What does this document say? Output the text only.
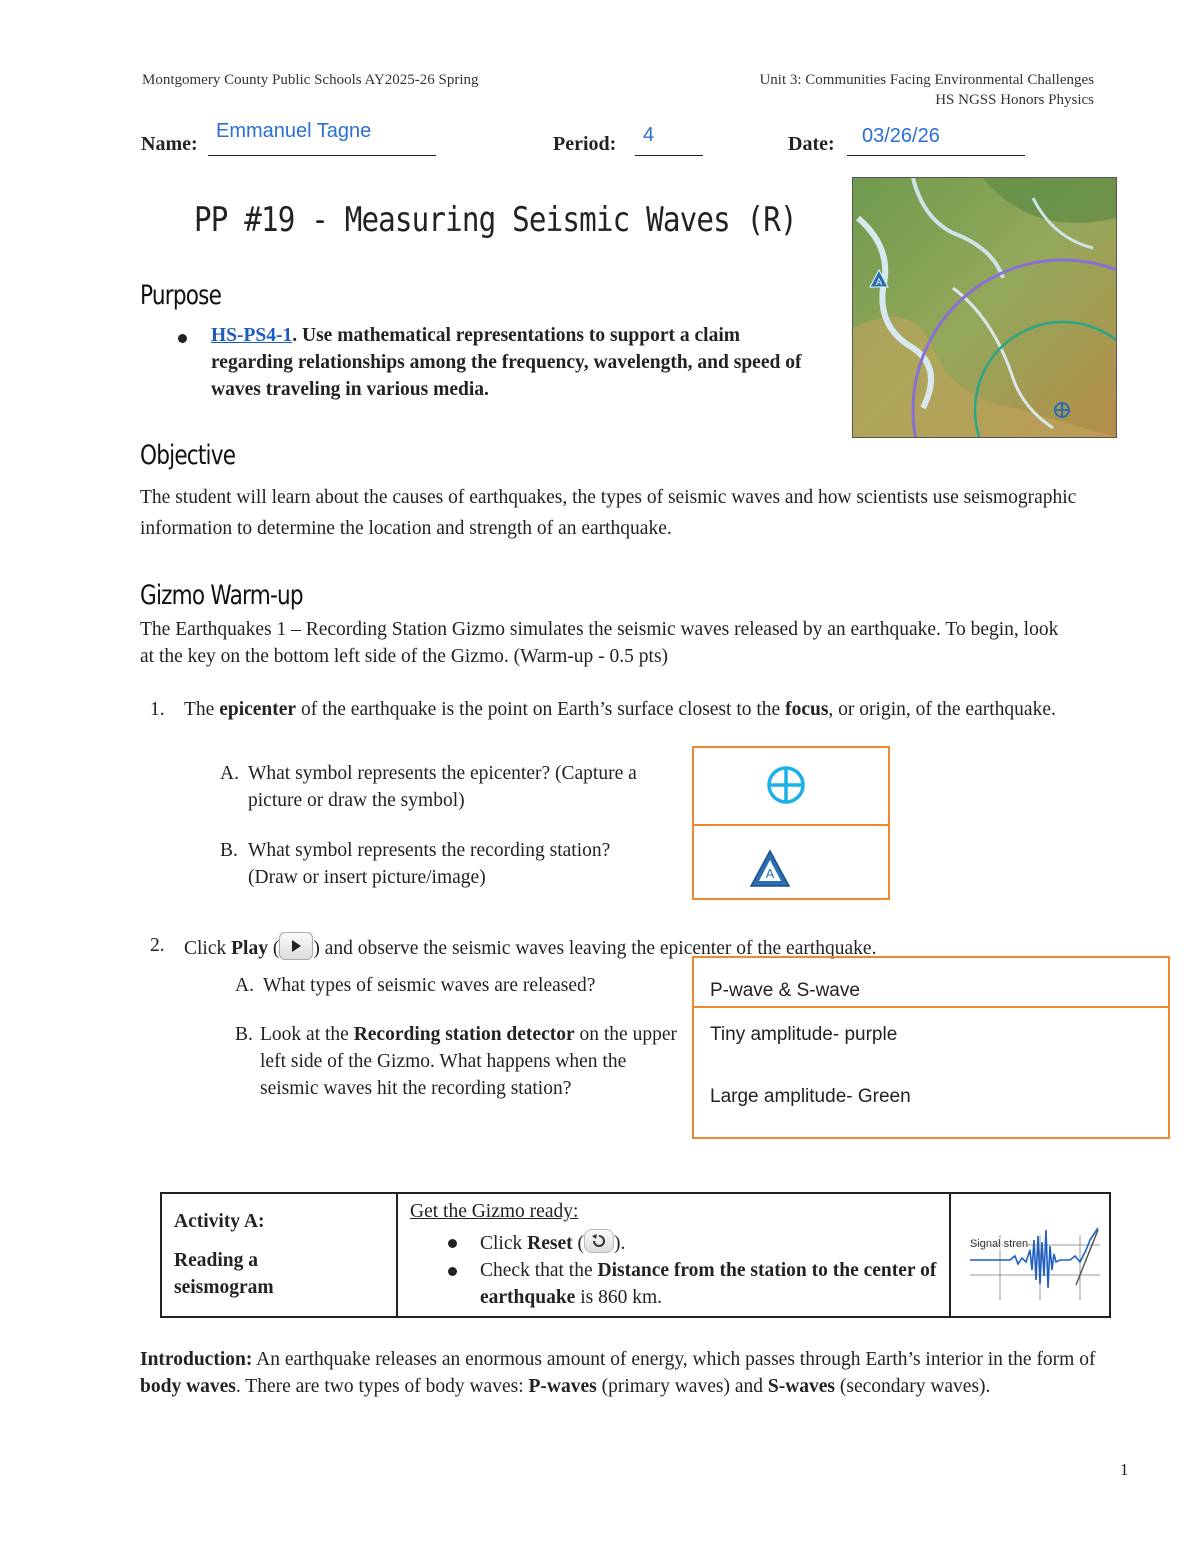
Montgomery County Public Schools AY2025-26 Spring	Unit 3: Communities Facing Environmental Challenges
HS NGSS Honors Physics
Name:
Emmanuel Tagne
Period: 4	Date: 03/26/26
PP #19 - Measuring Seismic Waves (R)
A
Purpose
HS-PS4-1. Use mathematical representations to support a claim regarding relationships among the frequency, wavelength, and speed of waves traveling in various media.
Objective
The student will learn about the causes of earthquakes, the types of seismic waves and how scientists use seismographic information to determine the location and strength of an earthquake.
Gizmo Warm-up
The Earthquakes 1 – Recording Station Gizmo simulates the seismic waves released by an earthquake. To begin, look at the key on the bottom left side of the Gizmo. (Warm-up - 0.5 pts)
1. The epicenter of the earthquake is the point on Earth’s surface closest to the focus, or origin, of the earthquake.
A. What symbol represents the epicenter? (Capture a picture or draw the symbol)
B. What symbol represents the recording station? (Draw or insert picture/image)	A
2. Click Play ( ) and observe the seismic waves leaving the epicenter of the earthquake.
A. What types of seismic waves are released?
B. Look at the Recording station detector on the upper left side of the Gizmo. What happens when the seismic waves hit the recording station?
P-wave & S-wave
Tiny amplitude- purple
Large amplitude- Green
Activity A:
Reading a seismogram

Get the Gizmo ready:
Click Reset ( ).
Check that the Distance from the station to the center of earthquake is 860 km.

Signal stren
Introduction: An earthquake releases an enormous amount of energy, which passes through Earth’s interior in the form of body waves. There are two types of body waves: P-waves (primary waves) and S-waves (secondary waves).
1
